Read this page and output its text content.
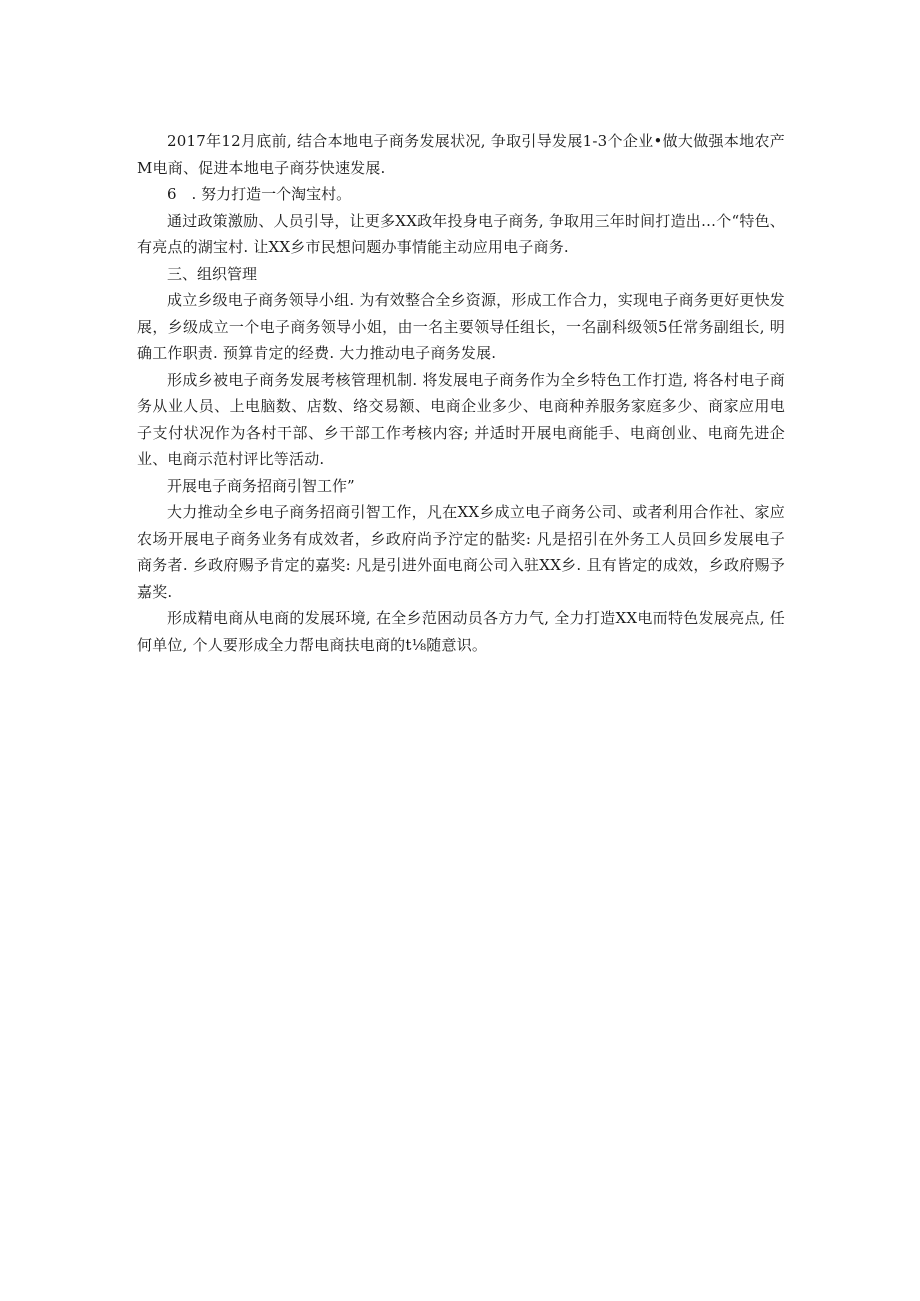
2017年12月底前, 结合本地电子商务发展状况, 争取引导发展1-3个企业•做大做强本地农产M电商、促进本地电子商芬快速发展.

6　. 努力打造一个淘宝村。

通过政策激励、人员引导，让更多XX政年投身电子商务, 争取用三年时间打造出…个“特色、有亮点的湖宝村. 让XX乡市民想问题办事情能主动应用电子商务.

三、组织管理

成立乡级电子商务领导小组. 为有效整合全乡资源，形成工作合力，实现电子商务更好更快发展，乡级成立一个电子商务领导小姐，由一名主要领导任组长，一名副科级领5任常务副组长, 明确工作职责. 预算肯定的经费. 大力推动电子商务发展.

形成乡被电子商务发展考核管理机制. 将发展电子商务作为全乡特色工作打造, 将各村电子商务从业人员、上电脑数、店数、络交易额、电商企业多少、电商种养服务家庭多少、商家应用电子支付状况作为各村干部、乡干部工作考核内容; 并适时开展电商能手、电商创业、电商先进企业、电商示范村评比等活动.

开展电子商务招商引智工作”

大力推动全乡电子商务招商引智工作，凡在XX乡成立电子商务公司、或者利用合作社、家应农场开展电子商务业务有成效者，乡政府尚予泞定的骷奖: 凡是招引在外务工人员回乡发展电子商务者. 乡政府赐予肯定的嘉奖: 凡是引进外面电商公司入驻XX乡. 且有皆定的成效，乡政府赐予嘉奖.

形成精电商从电商的发展环境, 在全乡范困动员各方力气, 全力打造XX电而特色发展亮点, 任何单位, 个人要形成全力帮电商扶电商的t⅛随意识。
